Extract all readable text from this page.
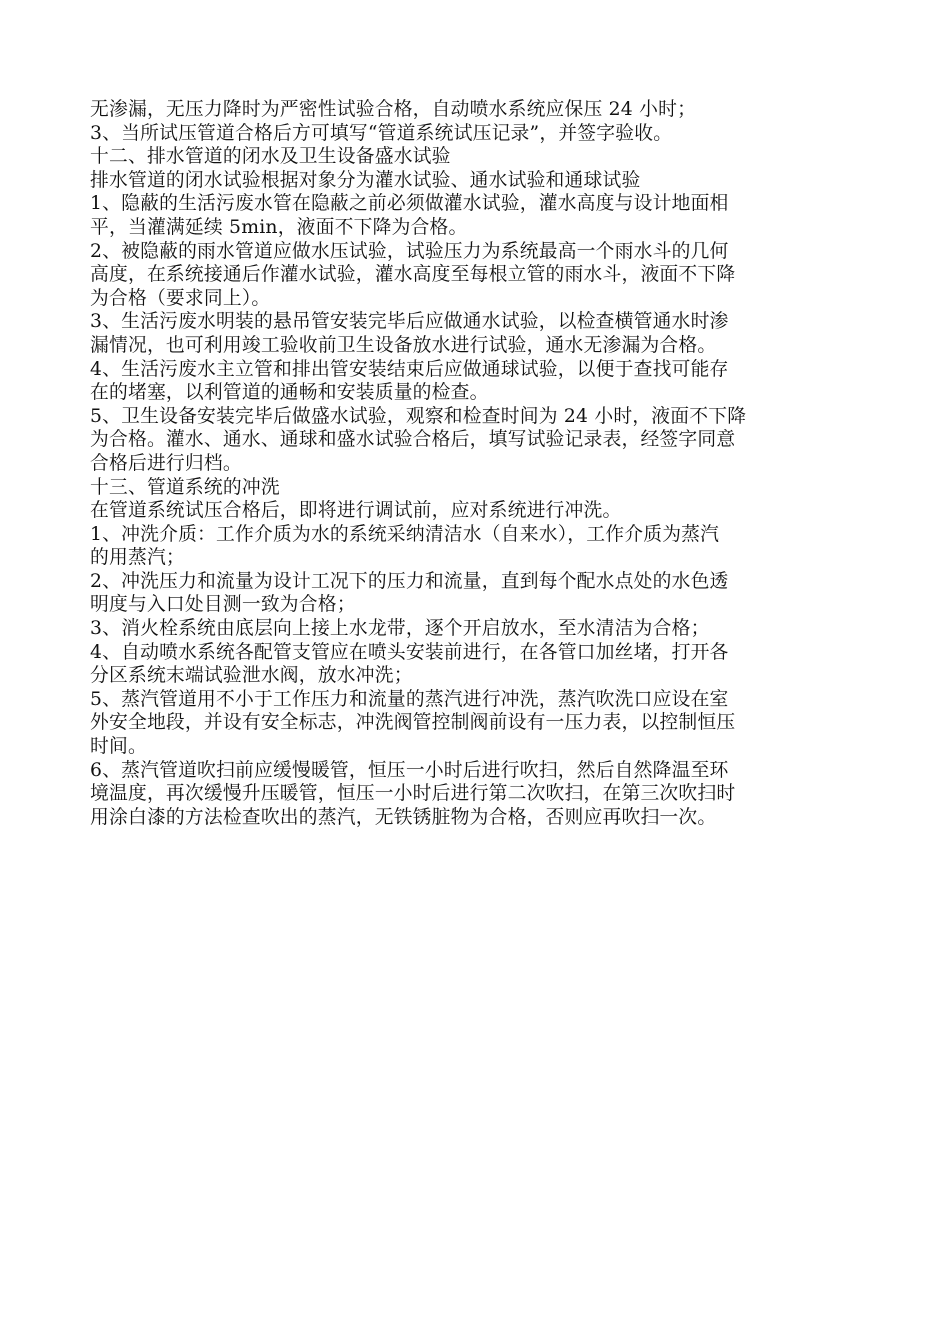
无渗漏，无压力降时为严密性试验合格，自动喷水系统应保压 24 小时；
3、当所试压管道合格后方可填写“管道系统试压记录”，并签字验收。
十二、排水管道的闭水及卫生设备盛水试验
排水管道的闭水试验根据对象分为灌水试验、通水试验和通球试验
1、隐蔽的生活污废水管在隐蔽之前必须做灌水试验，灌水高度与设计地面相
平，当灌满延续 5min，液面不下降为合格。
2、被隐蔽的雨水管道应做水压试验，试验压力为系统最高一个雨水斗的几何
高度，在系统接通后作灌水试验，灌水高度至每根立管的雨水斗，液面不下降
为合格（要求同上）。
3、生活污废水明装的悬吊管安装完毕后应做通水试验，以检查横管通水时渗
漏情况，也可利用竣工验收前卫生设备放水进行试验，通水无渗漏为合格。
4、生活污废水主立管和排出管安装结束后应做通球试验，以便于查找可能存
在的堵塞，以利管道的通畅和安装质量的检查。
5、卫生设备安装完毕后做盛水试验，观察和检查时间为 24 小时，液面不下降
为合格。灌水、通水、通球和盛水试验合格后，填写试验记录表，经签字同意
合格后进行归档。
十三、管道系统的冲洗
在管道系统试压合格后，即将进行调试前，应对系统进行冲洗。
1、冲洗介质：工作介质为水的系统采纳清洁水（自来水），工作介质为蒸汽
的用蒸汽；
2、冲洗压力和流量为设计工况下的压力和流量，直到每个配水点处的水色透
明度与入口处目测一致为合格；
3、消火栓系统由底层向上接上水龙带，逐个开启放水，至水清洁为合格；
4、自动喷水系统各配管支管应在喷头安装前进行，在各管口加丝堵，打开各
分区系统末端试验泄水阀，放水冲洗；
5、蒸汽管道用不小于工作压力和流量的蒸汽进行冲洗，蒸汽吹洗口应设在室
外安全地段，并设有安全标志，冲洗阀管控制阀前设有一压力表，以控制恒压
时间。
6、蒸汽管道吹扫前应缓慢暖管，恒压一小时后进行吹扫，然后自然降温至环
境温度，再次缓慢升压暖管，恒压一小时后进行第二次吹扫，在第三次吹扫时
用涂白漆的方法检查吹出的蒸汽，无铁锈脏物为合格，否则应再吹扫一次。
